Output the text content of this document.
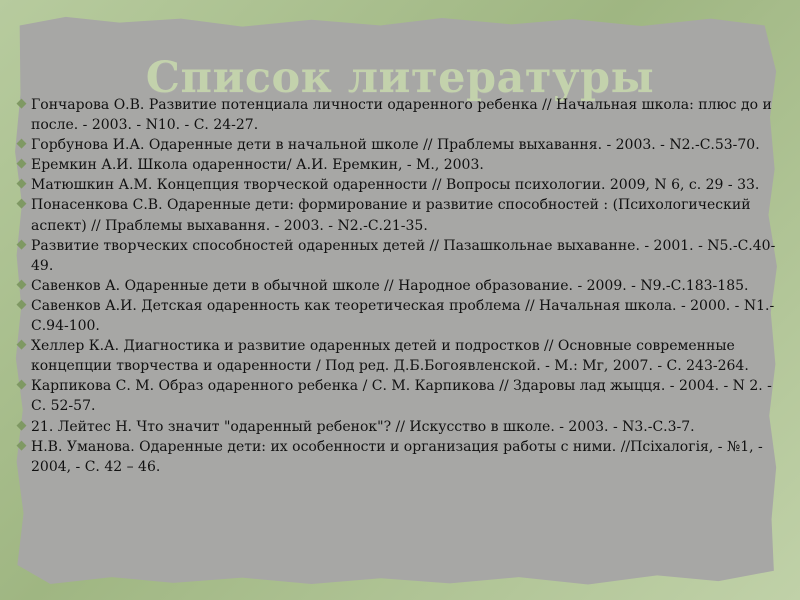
Список литературы
◆ Гончарова О.В. Развитие потенциала личности одаренного ребенка // Начальная школа: плюс до и после. - 2003. - N10. - С. 24-27.
◆ Горбунова И.А. Одаренные дети в начальной школе // Праблемы выхавання. - 2003. - N2.-С.53-70.
◆ Еремкин А.И. Школа одаренности/ А.И. Еремкин, - М., 2003.
◆ Матюшкин А.М. Концепция творческой одаренности // Вопросы психологии. 2009, N 6, с. 29 - 33.
◆ Понасенкова С.В. Одаренные дети: формирование и развитие способностей : (Психологический аспект) // Праблемы выхавання. - 2003. - N2.-С.21-35.
◆ Развитие творческих способностей одаренных детей // Пазашкольнае выхаванне. - 2001. - N5.-С.40-49.
◆ Савенков А. Одаренные дети в обычной школе // Народное образование. - 2009. - N9.-С.183-185.
◆ Савенков А.И. Детская одаренность как теоретическая проблема // Начальная школа. - 2000. - N1.-С.94-100.
◆ Хеллер К.А. Диагностика и развитие одаренных детей и подростков // Основные современные концепции творчества и одаренности / Под ред. Д.Б.Богоявленской. - М.: Мг, 2007. - С. 243-264.
◆ Карпикова С. М. Образ одаренного ребенка / С. М. Карпикова // Здаровы лад жыцця. - 2004. - N 2. - С. 52-57.
◆ 21. Лейтес Н. Что значит "одаренный ребенок"? // Искусство в школе. - 2003. - N3.-С.3-7.
◆ Н.В. Уманова. Одаренные дети: их особенности и организация работы с ними. //Псiхалогiя, - №1, - 2004, - С. 42 – 46.
